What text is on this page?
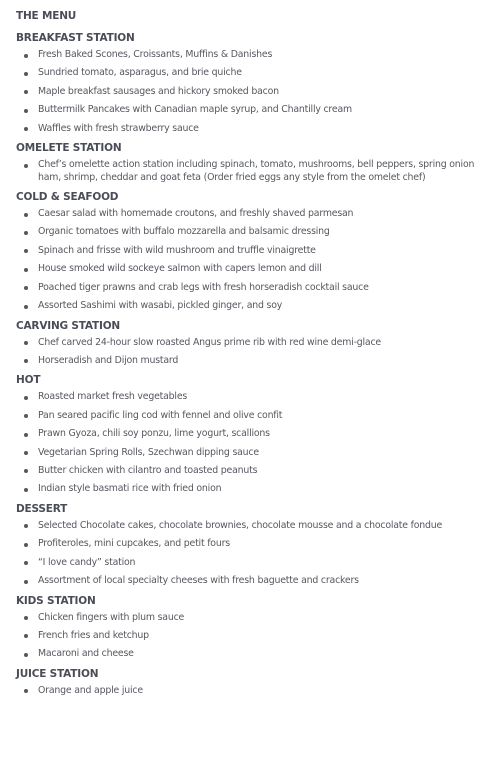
THE MENU
BREAKFAST STATION
Fresh Baked Scones, Croissants, Muffins & Danishes
Sundried tomato, asparagus, and brie quiche
Maple breakfast sausages and hickory smoked bacon
Buttermilk Pancakes with Canadian maple syrup, and Chantilly cream
Waffles with fresh strawberry sauce
OMELETE STATION
Chef’s omelette action station including spinach, tomato, mushrooms, bell peppers, spring onion ham, shrimp, cheddar and goat feta (Order fried eggs any style from the omelet chef)
COLD & SEAFOOD
Caesar salad with homemade croutons, and freshly shaved parmesan
Organic tomatoes with buffalo mozzarella and balsamic dressing
Spinach and frisse with wild mushroom and truffle vinaigrette
House smoked wild sockeye salmon with capers lemon and dill
Poached tiger prawns and crab legs with fresh horseradish cocktail sauce
Assorted Sashimi with wasabi, pickled ginger, and soy
CARVING STATION
Chef carved 24-hour slow roasted Angus prime rib with red wine demi-glace
Horseradish and Dijon mustard
HOT
Roasted market fresh vegetables
Pan seared pacific ling cod with fennel and olive confit
Prawn Gyoza, chili soy ponzu, lime yogurt, scallions
Vegetarian Spring Rolls, Szechwan dipping sauce
Butter chicken with cilantro and toasted peanuts
Indian style basmati rice with fried onion
DESSERT
Selected Chocolate cakes, chocolate brownies, chocolate mousse and a chocolate fondue
Profiteroles, mini cupcakes, and petit fours
“I love candy” station
Assortment of local specialty cheeses with fresh baguette and crackers
KIDS STATION
Chicken fingers with plum sauce
French fries and ketchup
Macaroni and cheese
JUICE STATION
Orange and apple juice
